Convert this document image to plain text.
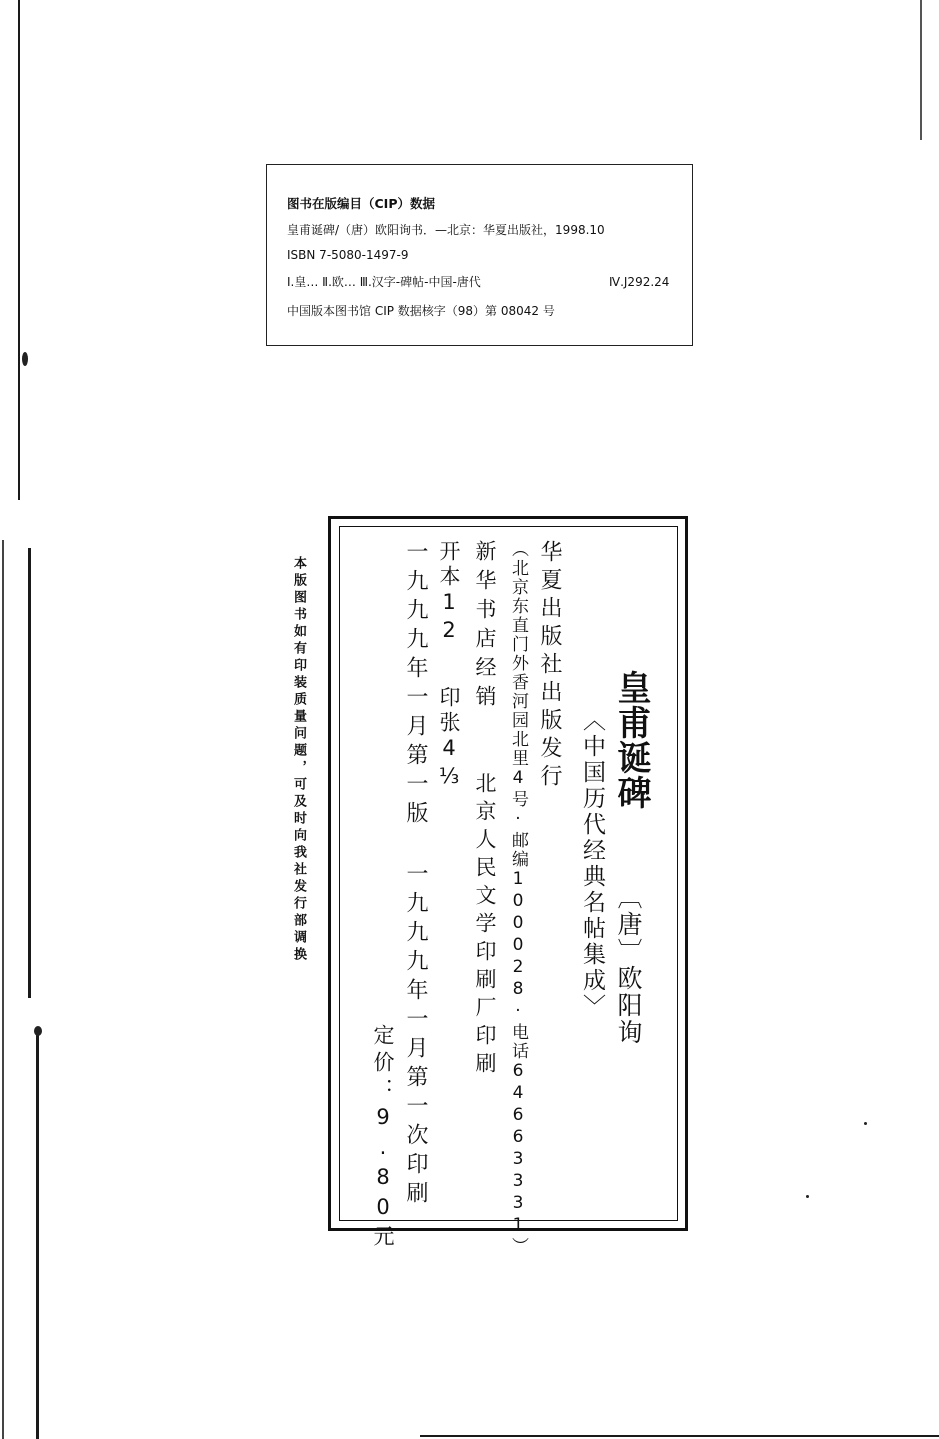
图书在版编目（CIP）数据
皇甫诞碑/（唐）欧阳询书．—北京：华夏出版社，1998.10
ISBN 7-5080-1497-9
Ⅰ.皇… Ⅱ.欧… Ⅲ.汉字-碑帖-中国-唐代	Ⅳ.J292.24
中国版本图书馆 CIP 数据核字（98）第 08042 号
皇甫诞碑
〔唐〕欧阳询
〈中国历代经典名帖集成〉
华夏出版社出版发行
（北京东直门外香河园北里4号·邮编100028·电话64663331）
新华书店经销
北京人民文学印刷厂印刷
开本12
印张4⅓
一九九九年一月第一版
一九九九年一月第一次印刷
定价：9.80元
本版图书如有印装质量问题，可及时向我社发行部调换
